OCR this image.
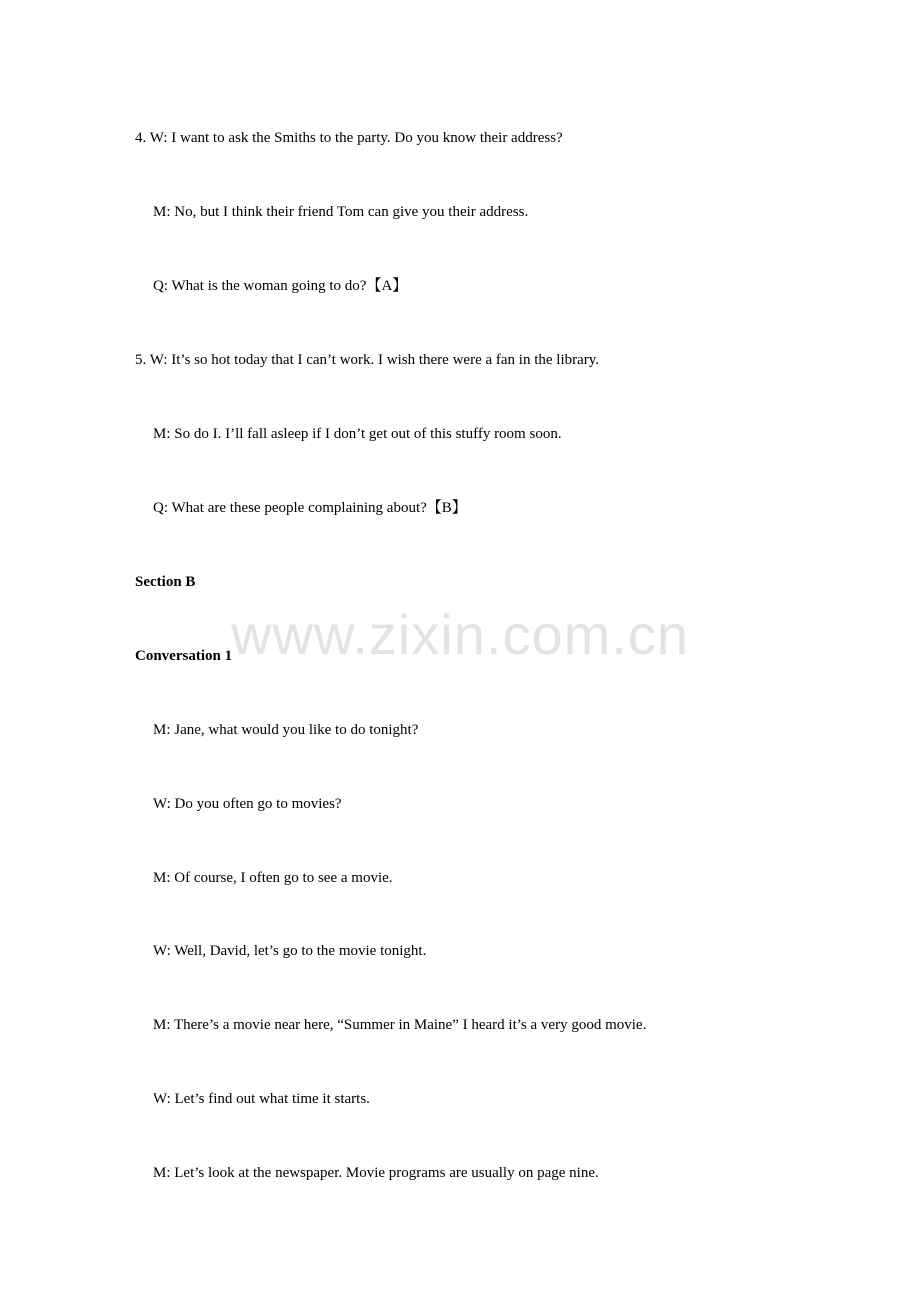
www.zixin.com.cn
4. W: I want to ask the Smiths to the party. Do you know their address?
M: No, but I think their friend Tom can give you their address.
Q: What is the woman going to do?【A】
5. W: It’s so hot today that I can’t work. I wish there were a fan in the library.
M: So do I. I’ll fall asleep if I don’t get out of this stuffy room soon.
Q: What are these people complaining about?【B】
Section B
Conversation 1
M: Jane, what would you like to do tonight?
W: Do you often go to movies?
M: Of course, I often go to see a movie.
W: Well, David, let’s go to the movie tonight.
M: There’s a movie near here, “Summer in Maine” I heard it’s a very good movie.
W: Let’s find out what time it starts.
M: Let’s look at the newspaper. Movie programs are usually on page nine.
